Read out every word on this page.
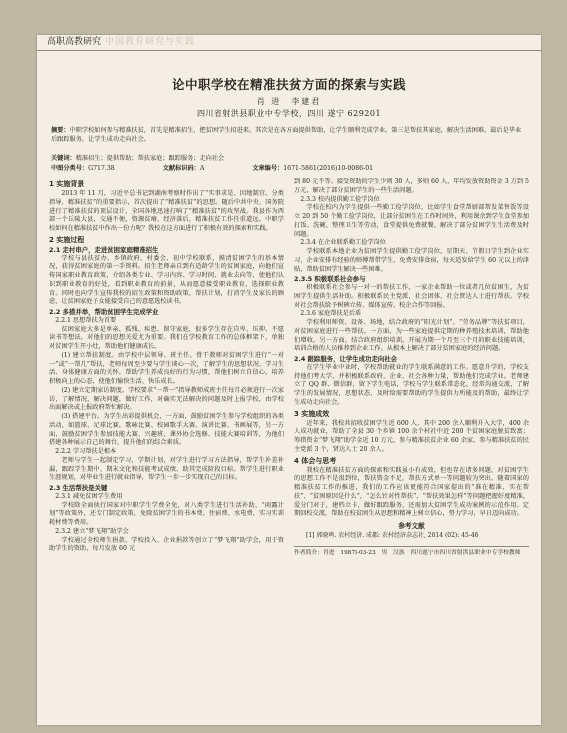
高职高教研究 中国教育研究与实践
论中职学校在精准扶贫方面的探索与实践
肖 进　李建君
四川省射洪县职业中专学校，四川 遂宁 629201
摘要：中职学校如何参与精准扶贫，首先是精准招生，把贫困学生招进来。其次是在各方面提供帮助，让学生顺利完成学业。第三是帮扶其家庭，解决生活困难。最后是毕业后跟踪服务，让学生成功走向社会。
关键词：精准招生；提供帮助；帮扶家庭；跟踪服务；走向社会
中图分类号：G717.38	文献标识码：A	文章编号：1671-5861(2016)10-0086-01
1 实施背景

2013 年 11 月，习近平总书记到湖南考察时作出了“实事求是、因地制宜、分类指导、精准扶贫”的重要指示，首次提出了“精准扶贫”的思想。随后中共中央、国务院进行了精准扶贫的顶层设计，全国各地迅速打响了“精准扶贫”的攻坚战。我县作为西部一个丘陵大县，交通不便，资源贫瘠，经济落后，精准扶贫工作任重道远。中职学校如何在精准扶贫中作出一份力呢？我校在这方面进行了积极有效的探索和实践。

2 实施过程
2.1 走村串户，走进贫困家庭精准招生

学校与县扶贫办、乡镇政府、村委会、初中学校联系，摸清贫困学生的基本情况，获得贫困家庭的第一手资料。招生老师亲自到有适龄学生的贫困家庭，向他们宣传国家职业教育政策，介绍各类专业、学习内容、学习时间、就业去向等，使他们认识到职业教育的好处，看到职业教育的前景，从而愿意接受职业教育，选择职业教育。同时也向学生宣传我校的招生政策和资助政策，帮扶计划，打消学生及家长的顾虑，让贫困家庭子女能接受自己的意愿选校读书。

2.2 多措并举，帮助贫困学生完成学业
2.2.1 思想帮扶为首要

贫困家庭大多是单亲、孤残、疾患、留守家庭，很多学生存在自卑、压抑、不愿读书等想法，对他们的思想关爱尤为重要。我们在学校教育工作的总体框架下，单独对贫困学生开小灶，帮助他们健康成长。

(1) 建立帮扶制度。由学校中层领导、班主任、骨干教师对贫困学生进行“一对一”或“一帮几”帮扶，老师每周至少要与学生谈心一次，了解学生的思想状况、学习生活、身体健康方面的关怀，帮助学生养成良好的行为习惯，帮他们树立自信心，培养积极向上的心态，使他们愉快生活、快乐成长。

(2) 建立定期家访制度。学校要求“一帮一”指导教师成班主任每月必须进行一次家访，了解情况，解决问题，做好工作，对确实无法解决的问题及时上报学校，由学校出面解决或上报政府帮忙解决。

(3) 搭建平台。为学生出彩提供机会，一方面，鼓励贫困学生参与学校组织的各类活动，如篮球、足球比赛，歌咏比赛、校园歌手大赛、演讲比赛、书画展等，另一方面，鼓励贫困学生参加技能大赛、兴趣班、课外协会选修、技能大赛培训等，为他们搭建各种展示自己的舞台，提升他们的综合素质。

2.2.2 学习帮扶是根本

老师与学生一起制定学习、学期计划，对学生进行学习方法指导，帮学生补差补漏，跟踪学生期中、期末文化和技能考试成绩，助其完成阶段目标。帮学生进行职业生涯规划，对毕业生进行就业指导，帮学生一步一步实现自己的目标。

2.3 生活帮扶是关键
2.3.1 减免贫困学生费用

学校除全面执行国家对中职学生学费全免，对八类学生进行生活补助，“雨露计划”等政策外，还专门制定政策，免除贫困学生的书本费、住宿费、水电费，实习实训耗材费等费用。

2.3.2 建立“梦飞翔”助学会

学校通过全校师生捐款、学校投入、企业捐款等创立了“梦飞翔”助学会，用于资助学生的资助，每月发放 60 元

到 80 元不等。接受资助的学生少则 30 人，多则 60 人，年均发放资助资金 3 万到 5 万元，解决了部分贫困学生的一些生活问题。

2.3.3 校内提供勤工俭学岗位

学校在校内为学生提供一些勤工俭学岗位，比如学生食堂帮厨部帮发菜售饭等设立 20 到 50 个勤工俭学岗位，让部分贫困生在工作时间外，利用课余到学生食堂参加打饭、洗碗、整理卫生等劳动，食堂提供免费就餐，解决了部分贫困学生生活费及时问题。

2.3.4 在企业联系勤工俭学岗位

学校联系本地企业为贫困学生提供勤工俭学岗位，星期天、节假日学生到企业实习，企业安排有经验的师傅帮带学生，免费安排食宿，每天适发给学生 60 元以上的津贴，帮助贫困学生解决一些困难。

2.3.5 积极联系社会参与

积极联系社会参与一对一的帮扶工作，一家企业帮助一位或者几位贫困生，为贫困学生提供生活补助。积极联系民主党派，社会团体，社会贤达人士进行帮扶。学校对社会帮扶给予树碑立传、媒体宣传、校企合作等回报。

2.3.6 家庭帮扶是后盾

学校利用师资、设备、场地，结合政府的“阳光计划”、“劳务品牌”等扶贫项目，对贫困家庭进行一些帮扶，一方面，为一些家庭提供定期的种养殖技术培训，帮助他们增收。另一方面，结合政府组织培训，开展为期一个月至三个月的职业技能培训，培训合格的人员推荐到企业工作。从根本上解决了部分贫困家庭的经济问题。

2.4 跟踪服务，让学生成功走向社会

在学生毕业中业时，学校帮助就业的学生联系满意的工作。愿意升学的，学校支持他们考大学，并积极联系政府、企业、社会各种力量，帮助他们完成学业。老师建立了 QQ 群、微信群，留下学生电话，学校与学生联系常态化，经常沟通交流，了解学生的发展情况，思想状态，及时给需要帮助的学生提供力所能及的帮助，最终让学生成功走向社会。

3 实施成效

近年来，我校共招收贫困学生近 600 人，其中 200 余人顺利升入大学，400 余人成功就业，帮助了全县 30 个乡镇 100 余个村社中近 200 个贫困家庭脱贫致富；筹措资金“梦飞翔”助学金近 10 万元，参与精准扶贫企业 60 余家，参与精准扶贫的民主党派 3 个，贤达人士 20 余人。

4 体会与思考

我校在精准扶贫方面的探索和实践虽小有成效，但也存在诸多问题，对贫困学生的思想工作不是很到位，帮扶资金不足，帮扶方式单一等问题较为突出。随着国家的精准扶贫工作的推进，我们的工作应该更能符合国家提出的“准在精准、实在帮扶”、“贫困原因是什么”，“怎么针对性帮扶”，“帮扶效果怎样”等问题把握好度精准，爱分门对于，建档立卡，做好跟踪服务，还需加大贫困学生成功案例的示范作用。定期回校交流，帮助在校贫困生从思想和精神上树立信心，努力学习，早日迈向成功。

参考文献

[1] 郭晓鸣. 农村经济. 成都: 农村经济杂志社, 2014 (02): 45-46

作者简介：肖进　1987l-03-23　男　汉族　四川遂宁市四川省射洪县职业中专学校教师
